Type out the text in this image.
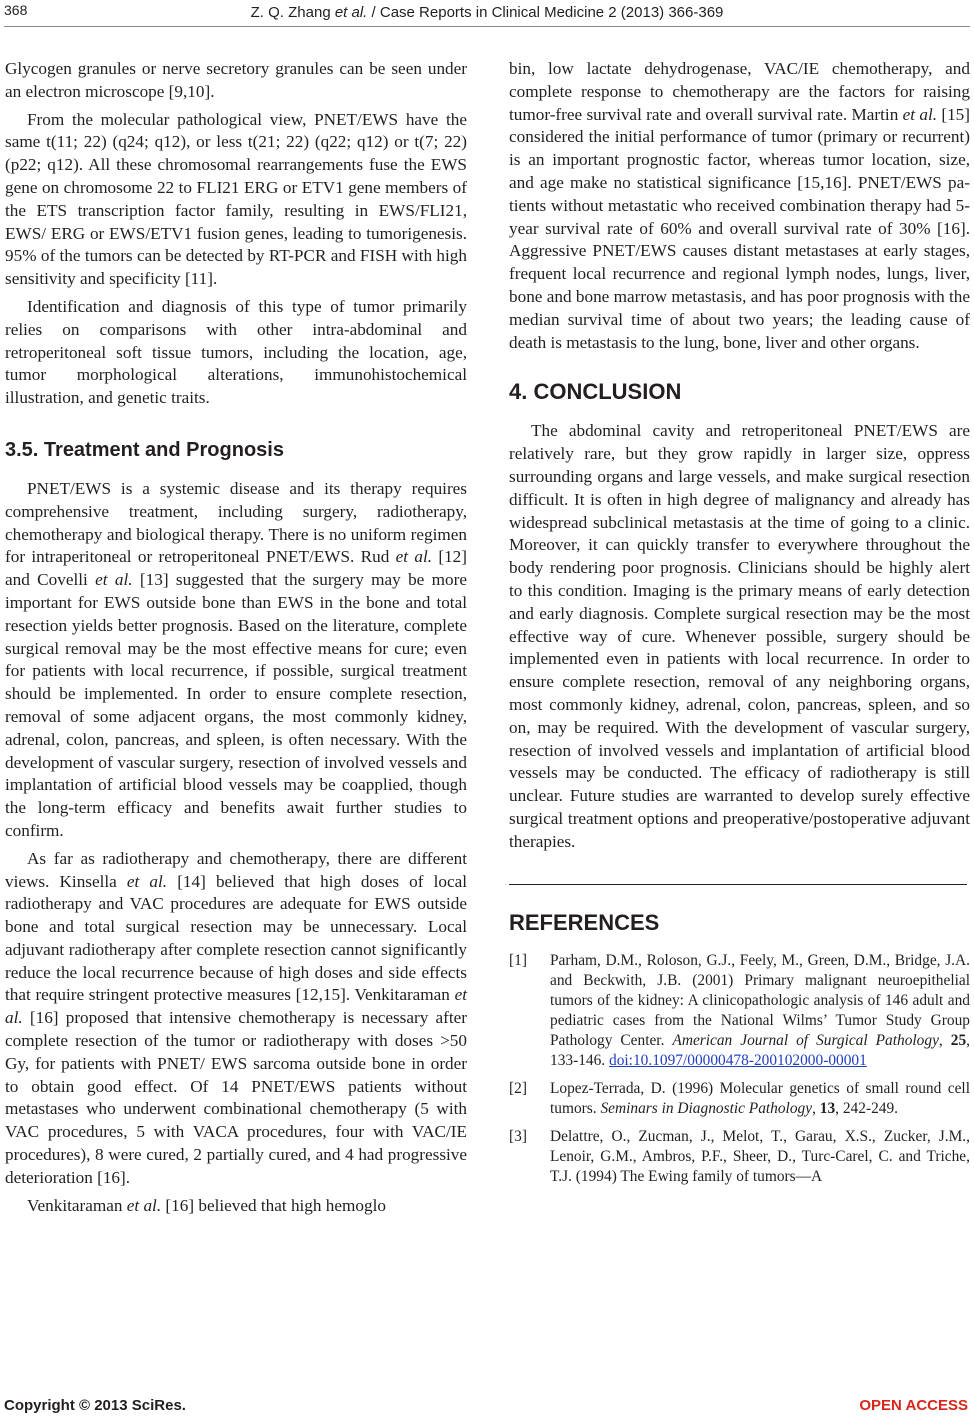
368	Z. Q. Zhang et al. / Case Reports in Clinical Medicine 2 (2013) 366-369

Glycogen granules or nerve secretory granules can be seen under an electron microscope [9,10].

From the molecular pathological view, PNET/EWS have the same t(11; 22) (q24; q12), or less t(21; 22) (q22; q12) or t(7; 22) (p22; q12). All these chromosomal rearrangements fuse the EWS gene on chromosome 22 to FLI21 ERG or ETV1 gene members of the ETS transcription factor family, resulting in EWS/FLI21, EWS/ ERG or EWS/ETV1 fusion genes, leading to tumorigenesis. 95% of the tumors can be detected by RT-PCR and FISH with high sensitivity and specificity [11].

Identification and diagnosis of this type of tumor primarily relies on comparisons with other intra-abdominal and retroperitoneal soft tissue tumors, including the location, age, tumor morphological alterations, immunohistochemical illustration, and genetic traits.

3.5. Treatment and Prognosis

PNET/EWS is a systemic disease and its therapy requires comprehensive treatment, including surgery, radiotherapy, chemotherapy and biological therapy. There is no uniform regimen for intraperitoneal or retroperitoneal PNET/EWS. Rud et al. [12] and Covelli et al. [13] suggested that the surgery may be more important for EWS outside bone than EWS in the bone and total resection yields better prognosis. Based on the literature, complete surgical removal may be the most effective means for cure; even for patients with local recurrence, if possible, surgical treatment should be implemented. In order to ensure complete resection, removal of some adjacent organs, the most commonly kidney, adrenal, colon, pancreas, and spleen, is often necessary. With the development of vascular surgery, resection of involved vessels and implantation of artificial blood vessels may be coapplied, though the long-term efficacy and benefits await further studies to confirm.

As far as radiotherapy and chemotherapy, there are different views. Kinsella et al. [14] believed that high doses of local radiotherapy and VAC procedures are adequate for EWS outside bone and total surgical resection may be unnecessary. Local adjuvant radiotherapy after complete resection cannot significantly reduce the local recurrence because of high doses and side effects that require stringent protective measures [12,15]. Venkitaraman et al. [16] proposed that intensive chemotherapy is necessary after complete resection of the tumor or radiotherapy with doses >50 Gy, for patients with PNET/ EWS sarcoma outside bone in order to obtain good effect. Of 14 PNET/EWS patients without metastases who underwent combinational chemotherapy (5 with VAC procedures, 5 with VACA procedures, four with VAC/IE procedures), 8 were cured, 2 partially cured, and 4 had progressive deterioration [16].

Venkitaraman et al. [16] believed that high hemoglo

bin, low lactate dehydrogenase, VAC/IE chemotherapy, and complete response to chemotherapy are the factors for raising tumor-free survival rate and overall survival rate. Martin et al. [15] considered the initial performance of tumor (primary or recurrent) is an important prognostic factor, whereas tumor location, size, and age make no statistical significance [15,16]. PNET/EWS patients without metastatic who received combination therapy had 5-year survival rate of 60% and overall survival rate of 30% [16]. Aggressive PNET/EWS causes distant metastases at early stages, frequent local recurrence and regional lymph nodes, lungs, liver, bone and bone marrow metastasis, and has poor prognosis with the median survival time of about two years; the leading cause of death is metastasis to the lung, bone, liver and other organs.

4. CONCLUSION

The abdominal cavity and retroperitoneal PNET/EWS are relatively rare, but they grow rapidly in larger size, oppress surrounding organs and large vessels, and make surgical resection difficult. It is often in high degree of malignancy and already has widespread subclinical metastasis at the time of going to a clinic. Moreover, it can quickly transfer to everywhere throughout the body rendering poor prognosis. Clinicians should be highly alert to this condition. Imaging is the primary means of early detection and early diagnosis. Complete surgical resection may be the most effective way of cure. Whenever possible, surgery should be implemented even in patients with local recurrence. In order to ensure complete resection, removal of any neighboring organs, most commonly kidney, adrenal, colon, pancreas, spleen, and so on, may be required. With the development of vascular surgery, resection of involved vessels and implantation of artificial blood vessels may be conducted. The efficacy of radiotherapy is still unclear. Future studies are warranted to develop surely effective surgical treatment options and preoperative/postoperative adjuvant therapies.

REFERENCES
[1] Parham, D.M., Roloson, G.J., Feely, M., Green, D.M., Bridge, J.A. and Beckwith, J.B. (2001) Primary malignant neuroepithelial tumors of the kidney: A clinicopathologic analysis of 146 adult and pediatric cases from the National Wilms’ Tumor Study Group Pathology Center. American Journal of Surgical Pathology, 25, 133-146. doi:10.1097/00000478-200102000-00001
[2] Lopez-Terrada, D. (1996) Molecular genetics of small round cell tumors. Seminars in Diagnostic Pathology, 13, 242-249.
[3] Delattre, O., Zucman, J., Melot, T., Garau, X.S., Zucker, J.M., Lenoir, G.M., Ambros, P.F., Sheer, D., Turc-Carel, C. and Triche, T.J. (1994) The Ewing family of tumors—A
Copyright © 2013 SciRes.	OPEN ACCESS
